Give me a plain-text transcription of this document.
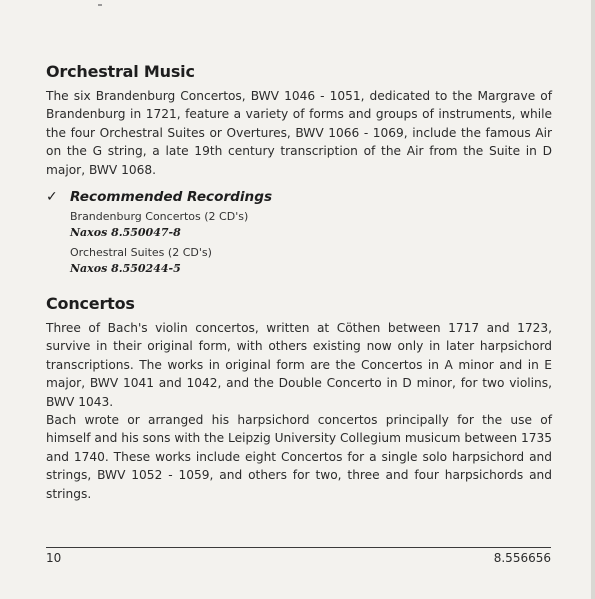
Orchestral Music

The six Brandenburg Concertos, BWV 1046 - 1051, dedicated to the Margrave of Brandenburg in 1721, feature a variety of forms and groups of instruments, while the four Orchestral Suites or Overtures, BWV 1066 - 1069, include the famous Air on the G string, a late 19th century transcription of the Air from the Suite in D major, BWV 1068.

✓ Recommended Recordings
Brandenburg Concertos (2 CD's)
Naxos 8.550047-8
Orchestral Suites (2 CD's)
Naxos 8.550244-5
Concertos

Three of Bach's violin concertos, written at Cöthen between 1717 and 1723, survive in their original form, with others existing now only in later harpsichord transcriptions. The works in original form are the Concertos in A minor and in E major, BWV 1041 and 1042, and the Double Concerto in D minor, for two violins, BWV 1043.

Bach wrote or arranged his harpsichord concertos principally for the use of himself and his sons with the Leipzig University Collegium musicum between 1735 and 1740. These works include eight Concertos for a single solo harpsichord and strings, BWV 1052 - 1059, and others for two, three and four harpsichords and strings.

10	8.556656
